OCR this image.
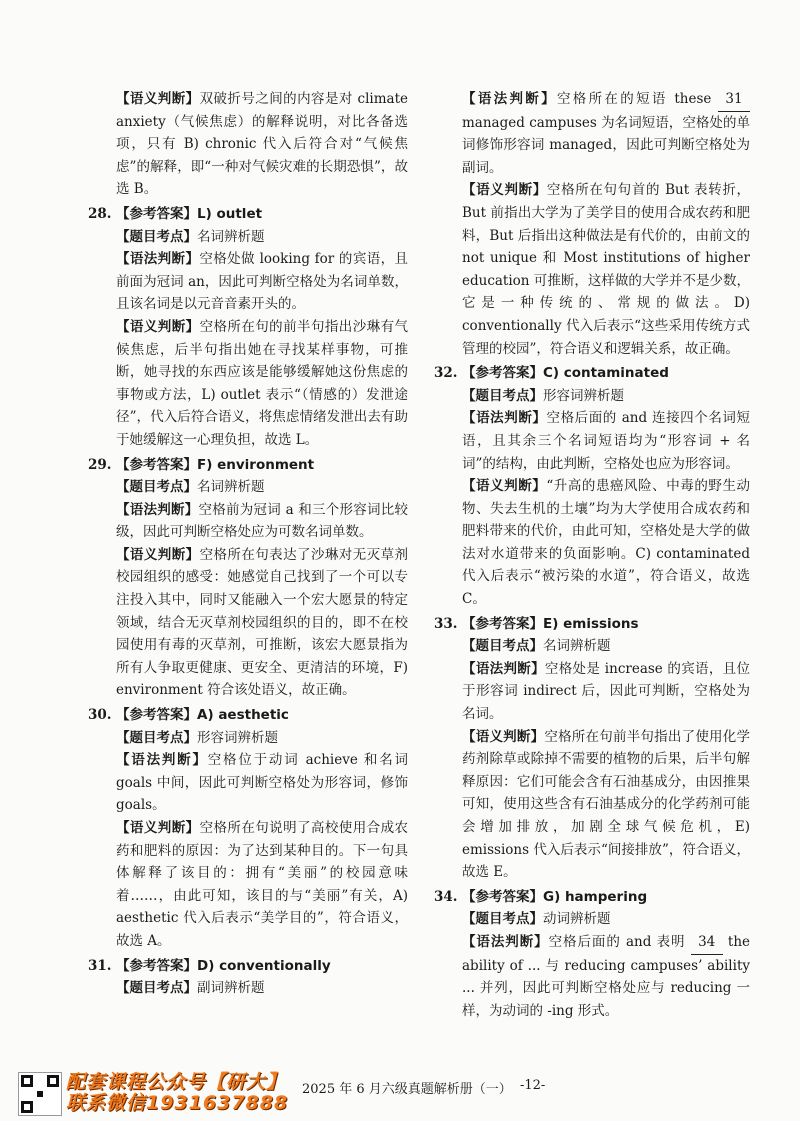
【语义判断】双破折号之间的内容是对 climate anxiety（气候焦虑）的解释说明，对比各备选项，只有 B) chronic 代入后符合对“气候焦虑”的解释，即“一种对气候灾难的长期恐惧”，故选 B。

28. 【参考答案】L) outlet

【题目考点】名词辨析题

【语法判断】空格处做 looking for 的宾语，且前面为冠词 an，因此可判断空格处为名词单数，且该名词是以元音音素开头的。

【语义判断】空格所在句的前半句指出沙琳有气候焦虑，后半句指出她在寻找某样事物，可推断，她寻找的东西应该是能够缓解她这份焦虑的事物或方法，L) outlet 表示“（情感的）发泄途径”，代入后符合语义，将焦虑情绪发泄出去有助于她缓解这一心理负担，故选 L。

29. 【参考答案】F) environment

【题目考点】名词辨析题

【语法判断】空格前为冠词 a 和三个形容词比较级，因此可判断空格处应为可数名词单数。

【语义判断】空格所在句表达了沙琳对无灭草剂校园组织的感受：她感觉自己找到了一个可以专注投入其中，同时又能融入一个宏大愿景的特定领域，结合无灭草剂校园组织的目的，即不在校园使用有毒的灭草剂，可推断，该宏大愿景指为所有人争取更健康、更安全、更清洁的环境，F) environment 符合该处语义，故正确。

30. 【参考答案】A) aesthetic

【题目考点】形容词辨析题

【语法判断】空格位于动词 achieve 和名词 goals 中间，因此可判断空格处为形容词，修饰 goals。

【语义判断】空格所在句说明了高校使用合成农药和肥料的原因：为了达到某种目的。下一句具体解释了该目的：拥有“美丽”的校园意味着……，由此可知，该目的与“美丽”有关，A) aesthetic 代入后表示“美学目的”，符合语义，故选 A。

31. 【参考答案】D) conventionally

【题目考点】副词辨析题

【语法判断】空格所在的短语 these 31 managed campuses 为名词短语，空格处的单词修饰形容词 managed，因此可判断空格处为副词。

【语义判断】空格所在句句首的 But 表转折，But 前指出大学为了美学目的使用合成农药和肥料，But 后指出这种做法是有代价的，由前文的 not unique 和 Most institutions of higher education 可推断，这样做的大学并不是少数，它是一种传统的、常规的做法。D) conventionally 代入后表示“这些采用传统方式管理的校园”，符合语义和逻辑关系，故正确。

32. 【参考答案】C) contaminated

【题目考点】形容词辨析题

【语法判断】空格后面的 and 连接四个名词短语，且其余三个名词短语均为“形容词 + 名词”的结构，由此判断，空格处也应为形容词。

【语义判断】“升高的患癌风险、中毒的野生动物、失去生机的土壤”均为大学使用合成农药和肥料带来的代价，由此可知，空格处是大学的做法对水道带来的负面影响。C) contaminated 代入后表示“被污染的水道”，符合语义，故选 C。

33. 【参考答案】E) emissions

【题目考点】名词辨析题

【语法判断】空格处是 increase 的宾语，且位于形容词 indirect 后，因此可判断，空格处为名词。

【语义判断】空格所在句前半句指出了使用化学药剂除草或除掉不需要的植物的后果，后半句解释原因：它们可能会含有石油基成分，由因推果可知，使用这些含有石油基成分的化学药剂可能会增加排放，加剧全球气候危机，E) emissions 代入后表示“间接排放”，符合语义，故选 E。

34. 【参考答案】G) hampering

【题目考点】动词辨析题

【语法判断】空格后面的 and 表明 34 the ability of ... 与 reducing campuses’ ability ... 并列，因此可判断空格处应与 reducing 一样，为动词的 -ing 形式。

配套课程公众号【研大】
联系微信1931637888
2025 年 6 月六级真题解析册（一） -12-
